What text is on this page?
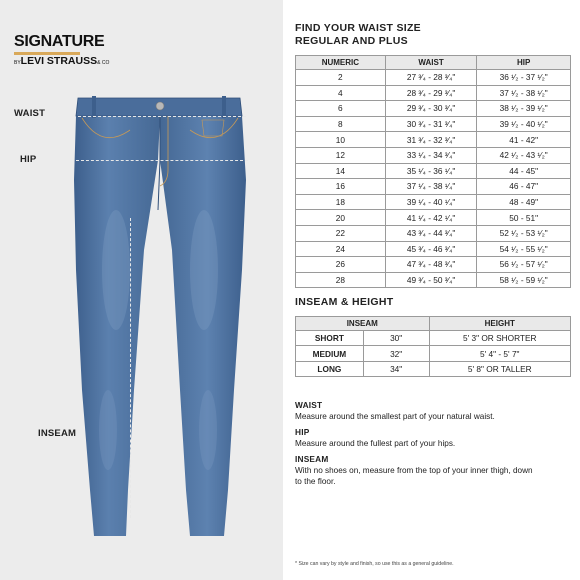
SIGNATURE
BYLEVI STRAUSS& CO
WAIST
HIP
INSEAM
FIND YOUR WAIST SIZE
REGULAR AND PLUS
NUMERIC	WAIST	HIP
2	27 ³⁄₄ - 28 ³⁄₄"	36 ¹⁄₂ - 37 ¹⁄₂"
4	28 ³⁄₄ - 29 ³⁄₄"	37 ¹⁄₂ - 38 ¹⁄₂"
6	29 ³⁄₄ - 30 ³⁄₄"	38 ¹⁄₂ - 39 ¹⁄₂"
8	30 ³⁄₄ - 31 ³⁄₄"	39 ¹⁄₂ - 40 ¹⁄₂"
10	31 ³⁄₄ - 32 ³⁄₄"	41 - 42"
12	33 ¹⁄₄ - 34 ³⁄₄"	42 ¹⁄₂ - 43 ¹⁄₂"
14	35 ¹⁄₄ - 36 ¹⁄₄"	44 - 45"
16	37 ¹⁄₄ - 38 ¹⁄₄"	46 - 47"
18	39 ¹⁄₄ - 40 ¹⁄₄"	48 - 49"
20	41 ¹⁄₄ - 42 ¹⁄₄"	50 - 51"
22	43 ³⁄₄ - 44 ³⁄₄"	52 ¹⁄₂ - 53 ¹⁄₂"
24	45 ³⁄₄ - 46 ³⁄₄"	54 ¹⁄₂ - 55 ¹⁄₂"
26	47 ³⁄₄ - 48 ³⁄₄"	56 ¹⁄₂ - 57 ¹⁄₂"
28	49 ³⁄₄ - 50 ³⁄₄"	58 ¹⁄₂ - 59 ¹⁄₂"
INSEAM & HEIGHT
INSEAM		HEIGHT
SHORT	30"	5' 3" OR SHORTER
MEDIUM	32"	5' 4" - 5' 7"
LONG	34"	5' 8" OR TALLER
WAIST
Measure around the smallest part of your natural waist.
HIP
Measure around the fullest part of your hips.
INSEAM
With no shoes on, measure from the top of your inner thigh, down to the floor.
* Size can vary by style and finish, so use this as a general guideline.
